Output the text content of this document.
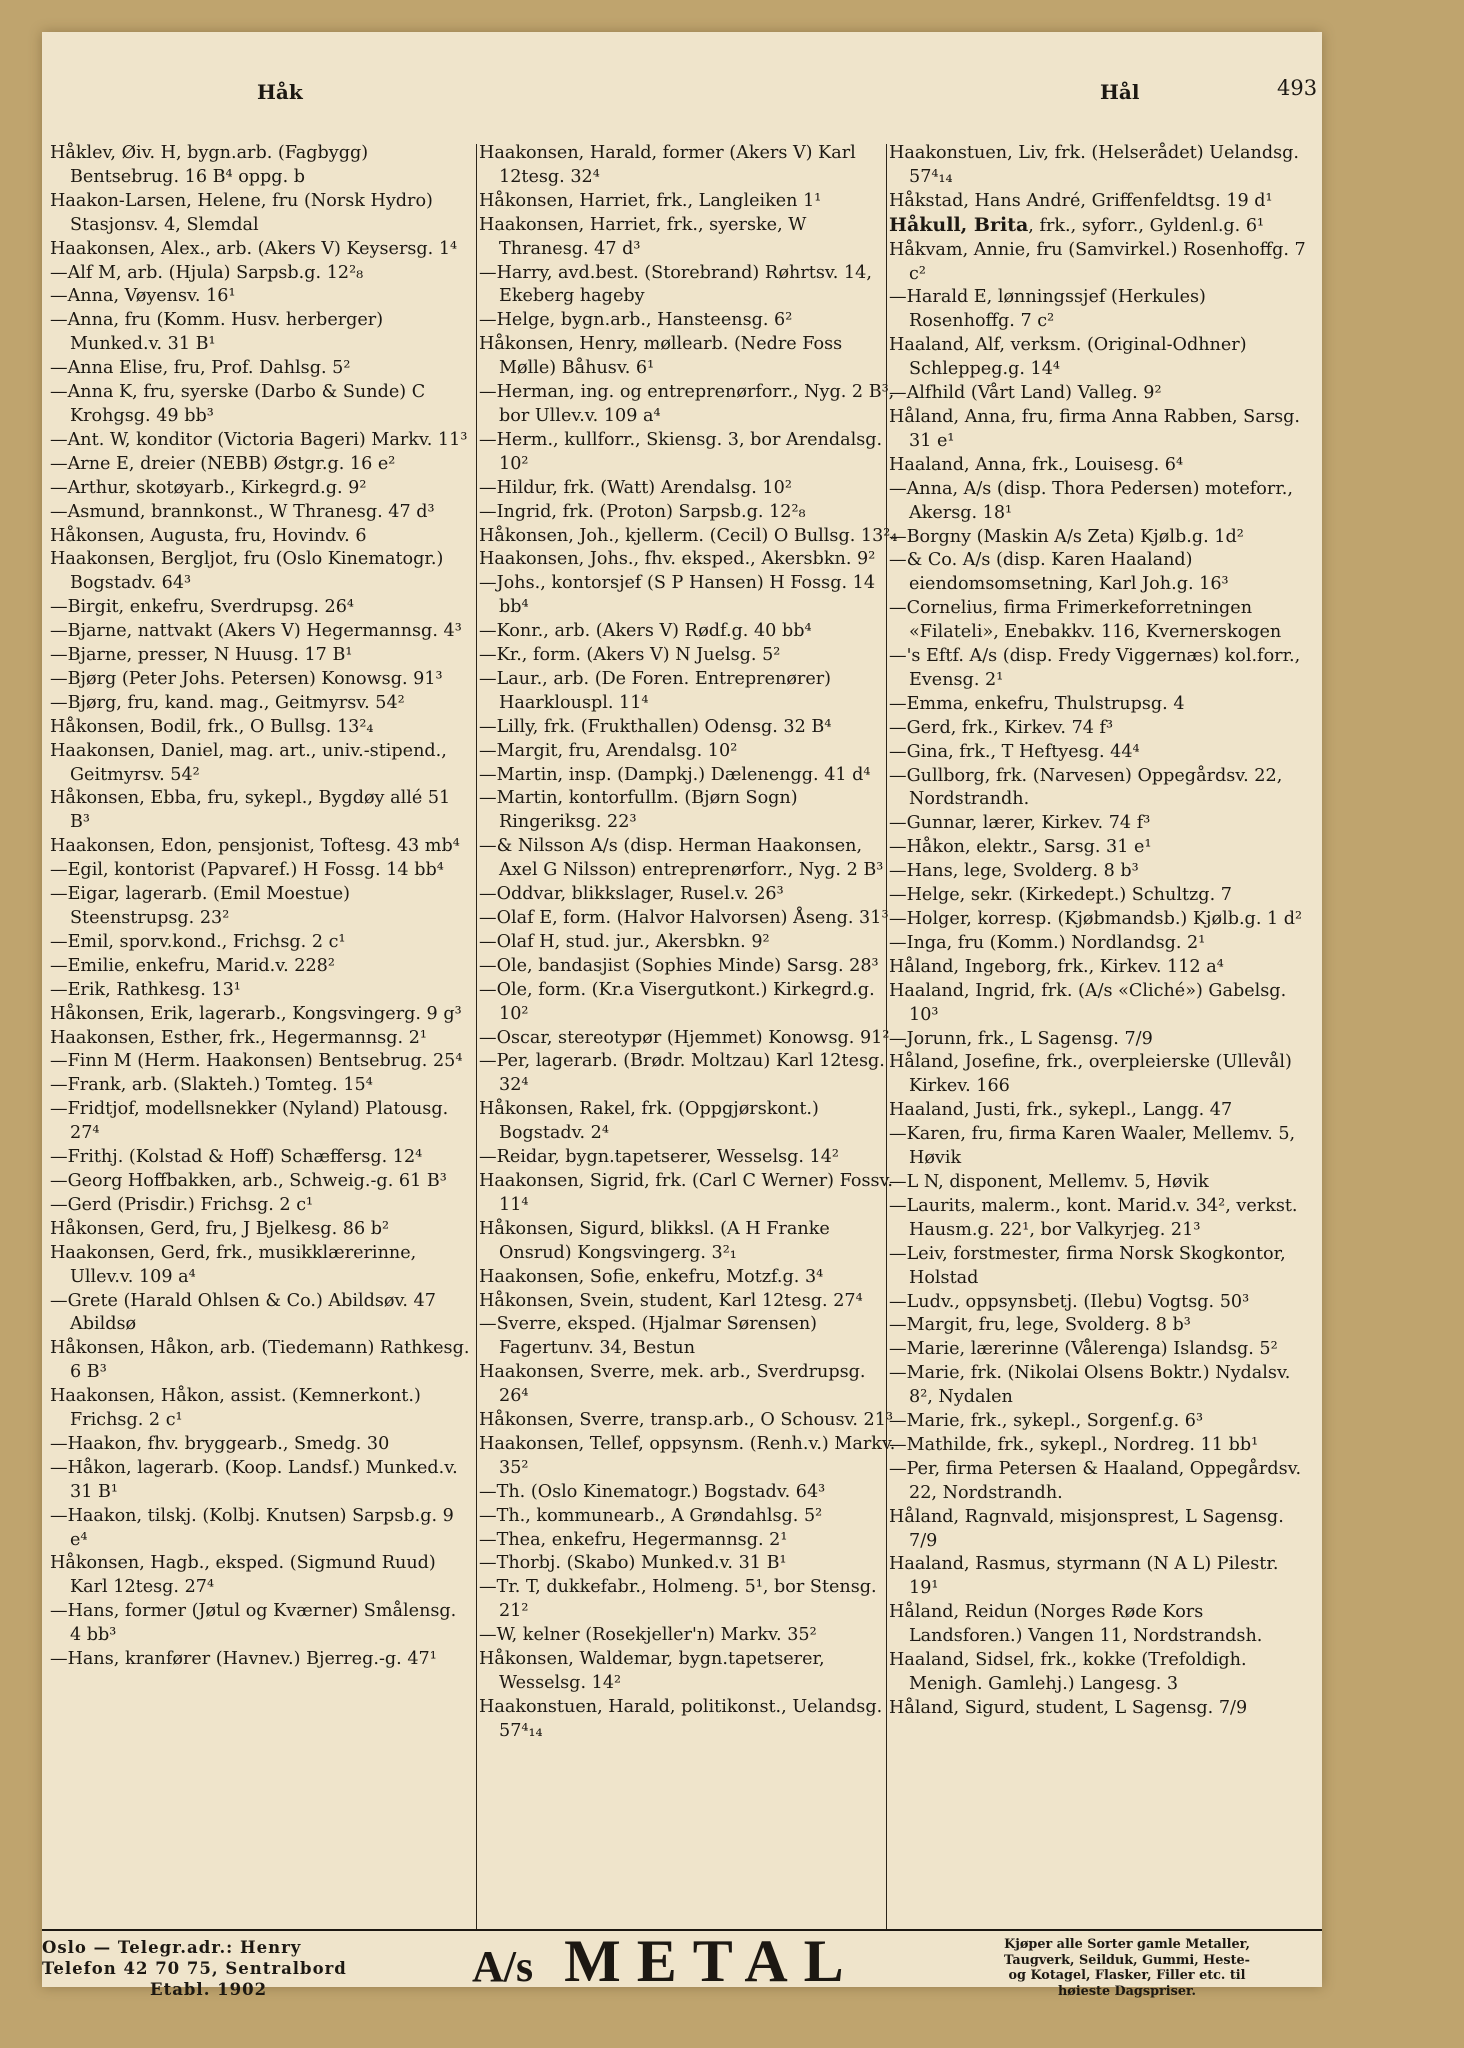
Håk	Hål	493
Håklev, Øiv. H, bygn.arb. (Fagbygg) Bentsebrug. 16 B⁴ oppg. b
Haakon-Larsen, Helene, fru (Norsk Hydro) Stasjonsv. 4, Slemdal
Haakonsen, Alex., arb. (Akers V) Keysersg. 1⁴
—Alf M, arb. (Hjula) Sarpsb.g. 12²₈
—Anna, Vøyensv. 16¹
—Anna, fru (Komm. Husv. herberger) Munked.v. 31 B¹
—Anna Elise, fru, Prof. Dahlsg. 5²
—Anna K, fru, syerske (Darbo & Sunde) C Krohgsg. 49 bb³
—Ant. W, konditor (Victoria Bageri) Markv. 11³
—Arne E, dreier (NEBB) Østgr.g. 16 e²
—Arthur, skotøyarb., Kirkegrd.g. 9²
—Asmund, brannkonst., W Thranesg. 47 d³
Håkonsen, Augusta, fru, Hovindv. 6
Haakonsen, Bergljot, fru (Oslo Kinematogr.) Bogstadv. 64³
—Birgit, enkefru, Sverdrupsg. 26⁴
—Bjarne, nattvakt (Akers V) Hegermannsg. 4³
—Bjarne, presser, N Huusg. 17 B¹
—Bjørg (Peter Johs. Petersen) Konowsg. 91³
—Bjørg, fru, kand. mag., Geitmyrsv. 54²
Håkonsen, Bodil, frk., O Bullsg. 13²₄
Haakonsen, Daniel, mag. art., univ.-stipend., Geitmyrsv. 54²
Håkonsen, Ebba, fru, sykepl., Bygdøy allé 51 B³
Haakonsen, Edon, pensjonist, Toftesg. 43 mb⁴
—Egil, kontorist (Papvaref.) H Fossg. 14 bb⁴
—Eigar, lagerarb. (Emil Moestue) Steenstrupsg. 23²
—Emil, sporv.kond., Frichsg. 2 c¹
—Emilie, enkefru, Marid.v. 228²
—Erik, Rathkesg. 13¹
Håkonsen, Erik, lagerarb., Kongsvingerg. 9 g³
Haakonsen, Esther, frk., Hegermannsg. 2¹
—Finn M (Herm. Haakonsen) Bentsebrug. 25⁴
—Frank, arb. (Slakteh.) Tomteg. 15⁴
—Fridtjof, modellsnekker (Nyland) Platousg. 27⁴
—Frithj. (Kolstad & Hoff) Schæffersg. 12⁴
—Georg Hoffbakken, arb., Schweig.-g. 61 B³
—Gerd (Prisdir.) Frichsg. 2 c¹
Håkonsen, Gerd, fru, J Bjelkesg. 86 b²
Haakonsen, Gerd, frk., musikklærerinne, Ullev.v. 109 a⁴
—Grete (Harald Ohlsen & Co.) Abildsøv. 47 Abildsø
Håkonsen, Håkon, arb. (Tiedemann) Rathkesg. 6 B³
Haakonsen, Håkon, assist. (Kemnerkont.) Frichsg. 2 c¹
—Haakon, fhv. bryggearb., Smedg. 30
—Håkon, lagerarb. (Koop. Landsf.) Munked.v. 31 B¹
—Haakon, tilskj. (Kolbj. Knutsen) Sarpsb.g. 9 e⁴
Håkonsen, Hagb., eksped. (Sigmund Ruud) Karl 12tesg. 27⁴
—Hans, former (Jøtul og Kværner) Smålensg. 4 bb³
—Hans, kranfører (Havnev.) Bjerreg.-g. 47¹
Haakonsen, Harald, former (Akers V) Karl 12tesg. 32⁴
Håkonsen, Harriet, frk., Langleiken 1¹
Haakonsen, Harriet, frk., syerske, W Thranesg. 47 d³
—Harry, avd.best. (Storebrand) Røhrtsv. 14, Ekeberg hageby
—Helge, bygn.arb., Hansteensg. 6²
Håkonsen, Henry, møllearb. (Nedre Foss Mølle) Båhusv. 6¹
—Herman, ing. og entreprenørforr., Nyg. 2 B³, bor Ullev.v. 109 a⁴
—Herm., kullforr., Skiensg. 3, bor Arendalsg. 10²
—Hildur, frk. (Watt) Arendalsg. 10²
—Ingrid, frk. (Proton) Sarpsb.g. 12²₈
Håkonsen, Joh., kjellerm. (Cecil) O Bullsg. 13²₄
Haakonsen, Johs., fhv. eksped., Akersbkn. 9²
—Johs., kontorsjef (S P Hansen) H Fossg. 14 bb⁴
—Konr., arb. (Akers V) Rødf.g. 40 bb⁴
—Kr., form. (Akers V) N Juelsg. 5²
—Laur., arb. (De Foren. Entreprenører) Haarklouspl. 11⁴
—Lilly, frk. (Frukthallen) Odensg. 32 B⁴
—Margit, fru, Arendalsg. 10²
—Martin, insp. (Dampkj.) Dælenengg. 41 d⁴
—Martin, kontorfullm. (Bjørn Sogn) Ringeriksg. 22³
—& Nilsson A/s (disp. Herman Haakonsen, Axel G Nilsson) entreprenørforr., Nyg. 2 B³
—Oddvar, blikkslager, Rusel.v. 26³
—Olaf E, form. (Halvor Halvorsen) Åseng. 31³
—Olaf H, stud. jur., Akersbkn. 9²
—Ole, bandasjist (Sophies Minde) Sarsg. 28³
—Ole, form. (Kr.a Visergutkont.) Kirkegrd.g. 10²
—Oscar, stereotypør (Hjemmet) Konowsg. 91²
—Per, lagerarb. (Brødr. Moltzau) Karl 12tesg. 32⁴
Håkonsen, Rakel, frk. (Oppgjørskont.) Bogstadv. 2⁴
—Reidar, bygn.tapetserer, Wesselsg. 14²
Haakonsen, Sigrid, frk. (Carl C Werner) Fossv. 11⁴
Håkonsen, Sigurd, blikksl. (A H Franke Onsrud) Kongsvingerg. 3²₁
Haakonsen, Sofie, enkefru, Motzf.g. 3⁴
Håkonsen, Svein, student, Karl 12tesg. 27⁴
—Sverre, eksped. (Hjalmar Sørensen) Fagertunv. 34, Bestun
Haakonsen, Sverre, mek. arb., Sverdrupsg. 26⁴
Håkonsen, Sverre, transp.arb., O Schousv. 21³
Haakonsen, Tellef, oppsynsm. (Renh.v.) Markv. 35²
—Th. (Oslo Kinematogr.) Bogstadv. 64³
—Th., kommunearb., A Grøndahlsg. 5²
—Thea, enkefru, Hegermannsg. 2¹
—Thorbj. (Skabo) Munked.v. 31 B¹
—Tr. T, dukkefabr., Holmeng. 5¹, bor Stensg. 21²
—W, kelner (Rosekjeller'n) Markv. 35²
Håkonsen, Waldemar, bygn.tapetserer, Wesselsg. 14²
Haakonstuen, Harald, politikonst., Uelandsg. 57⁴₁₄
Haakonstuen, Liv, frk. (Helserådet) Uelandsg. 57⁴₁₄
Håkstad, Hans André, Griffenfeldtsg. 19 d¹
Håkull, Brita, frk., syforr., Gyldenl.g. 6¹
Håkvam, Annie, fru (Samvirkel.) Rosenhoffg. 7 c²
—Harald E, lønningssjef (Herkules) Rosenhoffg. 7 c²
Haaland, Alf, verksm. (Original-Odhner) Schleppeg.g. 14⁴
—Alfhild (Vårt Land) Valleg. 9²
Håland, Anna, fru, firma Anna Rabben, Sarsg. 31 e¹
Haaland, Anna, frk., Louisesg. 6⁴
—Anna, A/s (disp. Thora Pedersen) moteforr., Akersg. 18¹
—Borgny (Maskin A/s Zeta) Kjølb.g. 1d²
—& Co. A/s (disp. Karen Haaland) eiendomsomsetning, Karl Joh.g. 16³
—Cornelius, firma Frimerkeforretningen «Filateli», Enebakkv. 116, Kvernerskogen
—'s Eftf. A/s (disp. Fredy Viggernæs) kol.forr., Evensg. 2¹
—Emma, enkefru, Thulstrupsg. 4
—Gerd, frk., Kirkev. 74 f³
—Gina, frk., T Heftyesg. 44⁴
—Gullborg, frk. (Narvesen) Oppegårdsv. 22, Nordstrandh.
—Gunnar, lærer, Kirkev. 74 f³
—Håkon, elektr., Sarsg. 31 e¹
—Hans, lege, Svolderg. 8 b³
—Helge, sekr. (Kirkedept.) Schultzg. 7
—Holger, korresp. (Kjøbmandsb.) Kjølb.g. 1 d²
—Inga, fru (Komm.) Nordlandsg. 2¹
Håland, Ingeborg, frk., Kirkev. 112 a⁴
Haaland, Ingrid, frk. (A/s «Cliché») Gabelsg. 10³
—Jorunn, frk., L Sagensg. 7/9
Håland, Josefine, frk., overpleierske (Ullevål) Kirkev. 166
Haaland, Justi, frk., sykepl., Langg. 47
—Karen, fru, firma Karen Waaler, Mellemv. 5, Høvik
—L N, disponent, Mellemv. 5, Høvik
—Laurits, malerm., kont. Marid.v. 34², verkst. Hausm.g. 22¹, bor Valkyrjeg. 21³
—Leiv, forstmester, firma Norsk Skogkontor, Holstad
—Ludv., oppsynsbetj. (Ilebu) Vogtsg. 50³
—Margit, fru, lege, Svolderg. 8 b³
—Marie, lærerinne (Vålerenga) Islandsg. 5²
—Marie, frk. (Nikolai Olsens Boktr.) Nydalsv. 8², Nydalen
—Marie, frk., sykepl., Sorgenf.g. 6³
—Mathilde, frk., sykepl., Nordreg. 11 bb¹
—Per, firma Petersen & Haaland, Oppegårdsv. 22, Nordstrandh.
Håland, Ragnvald, misjonsprest, L Sagensg. 7/9
Haaland, Rasmus, styrmann (N A L) Pilestr. 19¹
Håland, Reidun (Norges Røde Kors Landsforen.) Vangen 11, Nordstrandsh.
Haaland, Sidsel, frk., kokke (Trefoldigh. Menigh. Gamlehj.) Langesg. 3
Håland, Sigurd, student, L Sagensg. 7/9
Oslo — Telegr.adr.: Henry
Telefon 42 70 75, Sentralbord
Etabl. 1902	A/s METAL	Kjøper alle Sorter gamle Metaller,
Taugverk, Seilduk, Gummi, Heste-
og Kotagel, Flasker, Filler etc. til
høieste Dagspriser.
